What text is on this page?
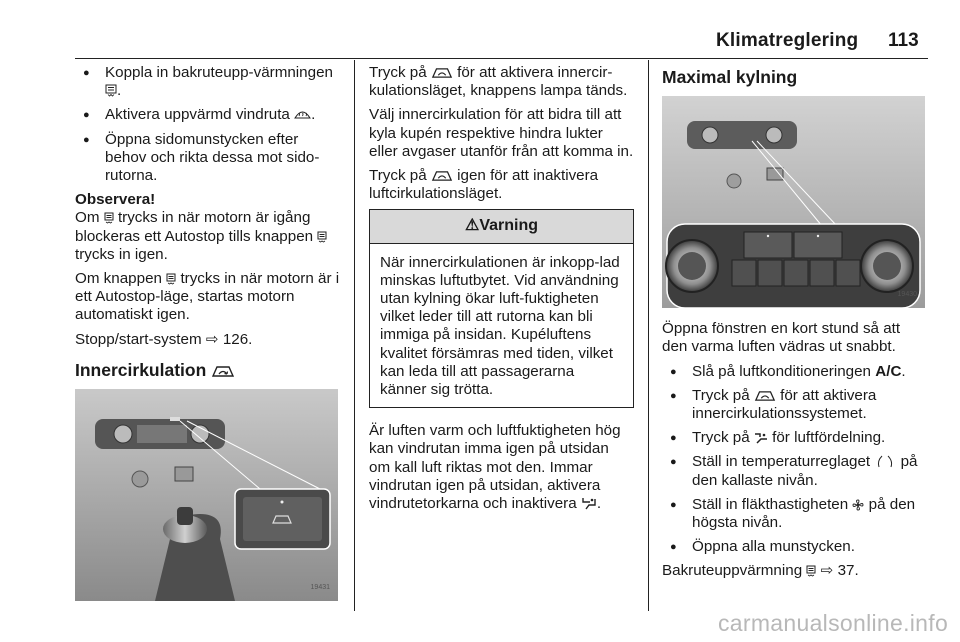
Klimatreglering 113
● Koppla in bakruteupp-värmningen .
● Aktivera uppvärmd vindruta .
● Öppna sidomunstycken efter behov och rikta dessa mot sido-rutorna.

Observera!
Om trycks in när motorn är igång blockeras ett Autostop tills knappen  trycks in igen.

Om knappen trycks in när motorn är i ett Autostop-läge, startas motorn automatiskt igen.

Stopp/start-system ⇨ 126.

Innercirkulation
19431

Tryck på för att aktivera innercir-kulationsläget, knappens lampa tänds.

Välj innercirkulation för att bidra till att kyla kupén respektive hindra lukter eller avgaser utanför från att komma in.

Tryck på igen för att inaktivera luftcirkulationsläget.

⚠Varning
När innercirkulationen är inkopp-lad minskas luftutbytet. Vid användning utan kylning ökar luft-fuktigheten vilket leder till att rutorna kan bli immiga på insidan. Kupéluftens kvalitet försämras med tiden, vilket kan leda till att passagerarna känner sig trötta.

Är luften varm och luftfuktigheten hög kan vindrutan imma igen på utsidan om kall luft riktas mot den. Immar vindrutan igen på utsidan, aktivera vindrutetorkarna och inaktivera .

Maximal kylning
19430

Öppna fönstren en kort stund så att den varma luften vädras ut snabbt.

● Slå på luftkonditioneringen A/C.
● Tryck på för att aktivera innercirkulationssystemet.
● Tryck på för luftfördelning.
● Ställ in temperaturreglaget på den kallaste nivån.
● Ställ in fläkthastigheten på den högsta nivån.
● Öppna alla munstycken.

Bakruteuppvärmning ⇨ 37.

carmanualsonline.info
